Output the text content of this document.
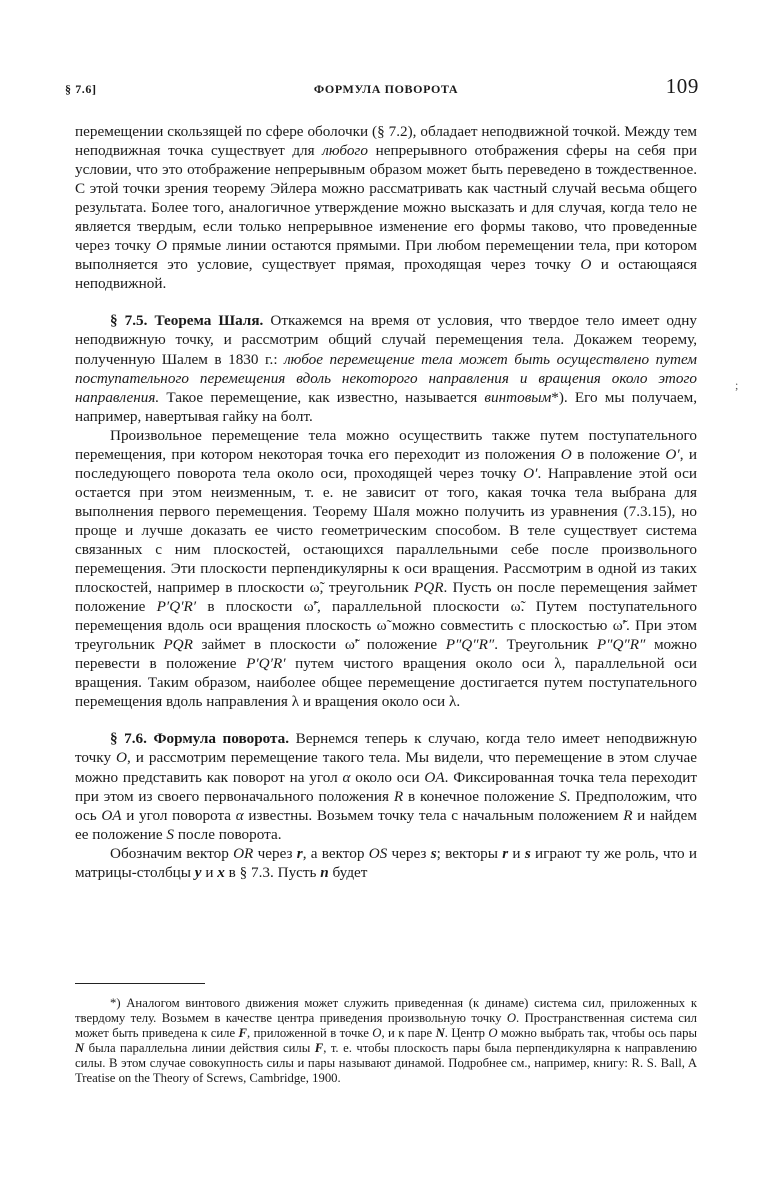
;
§ 7.6]	ФОРМУЛА ПОВОРОТА	109

перемещении скользящей по сфере оболочки (§ 7.2), обладает неподвижной точкой. Между тем неподвижная точка существует для любого непрерывного отображения сферы на себя при условии, что это отображение непрерывным образом может быть переведено в тождественное. С этой точки зрения теорему Эйлера можно рассматривать как частный случай весьма общего результата. Более того, аналогичное утверждение можно высказать и для случая, когда тело не является твердым, если только непрерывное изменение его формы таково, что проведенные через точку O прямые линии остаются прямыми. При любом перемещении тела, при котором выполняется это условие, существует прямая, проходящая через точку O и остающаяся неподвижной.

§ 7.5. Теорема Шаля. Откажемся на время от условия, что твердое тело имеет одну неподвижную точку, и рассмотрим общий случай перемещения тела. Докажем теорему, полученную Шалем в 1830 г.: любое перемещение тела может быть осуществлено путем поступательного перемещения вдоль некоторого направления и вращения около этого направления. Такое перемещение, как известно, называется винтовым*). Его мы получаем, например, навертывая гайку на болт.

Произвольное перемещение тела можно осуществить также путем поступательного перемещения, при котором некоторая точка его переходит из положения O в положение O′, и последующего поворота тела около оси, проходящей через точку O′. Направление этой оси остается при этом неизменным, т. е. не зависит от того, какая точка тела выбрана для выполнения первого перемещения. Теорему Шаля можно получить из уравнения (7.3.15), но проще и лучше доказать ее чисто геометрическим способом. В теле существует система связанных с ним плоскостей, остающихся параллельными себе после произвольного перемещения. Эти плоскости перпендикулярны к оси вращения. Рассмотрим в одной из таких плоскостей, например в плоскости ω̃, треугольник PQR. Пусть он после перемещения займет положение P′Q′R′ в плоскости ω̃′, параллельной плоскости ω̃. Путем поступательного перемещения вдоль оси вращения плоскость ω̃ можно совместить с плоскостью ω̃′. При этом треугольник PQR займет в плоскости ω̃′ положение P″Q″R″. Треугольник P″Q″R″ можно перевести в положение P′Q′R′ путем чистого вращения около оси λ, параллельной оси вращения. Таким образом, наиболее общее перемещение достигается путем поступательного перемещения вдоль направления λ и вращения около оси λ.

§ 7.6. Формула поворота. Вернемся теперь к случаю, когда тело имеет неподвижную точку O, и рассмотрим перемещение такого тела. Мы видели, что перемещение в этом случае можно представить как поворот на угол α около оси OA. Фиксированная точка тела переходит при этом из своего первоначального положения R в конечное положение S. Предположим, что ось OA и угол поворота α известны. Возьмем точку тела с начальным положением R и найдем ее положение S после поворота.

Обозначим вектор OR через r, а вектор OS через s; векторы r и s играют ту же роль, что и матрицы-столбцы y и x в § 7.3. Пусть n будет

*) Аналогом винтового движения может служить приведенная (к динаме) система сил, приложенных к твердому телу. Возьмем в качестве центра приведения произвольную точку O. Пространственная система сил может быть приведена к силе F, приложенной в точке O, и к паре N. Центр O можно выбрать так, чтобы ось пары N была параллельна линии действия силы F, т. е. чтобы плоскость пары была перпендикулярна к направлению силы. В этом случае совокупность силы и пары называют динамой. Подробнее см., например, книгу: R. S. Ball, A Treatise on the Theory of Screws, Cambridge, 1900.
